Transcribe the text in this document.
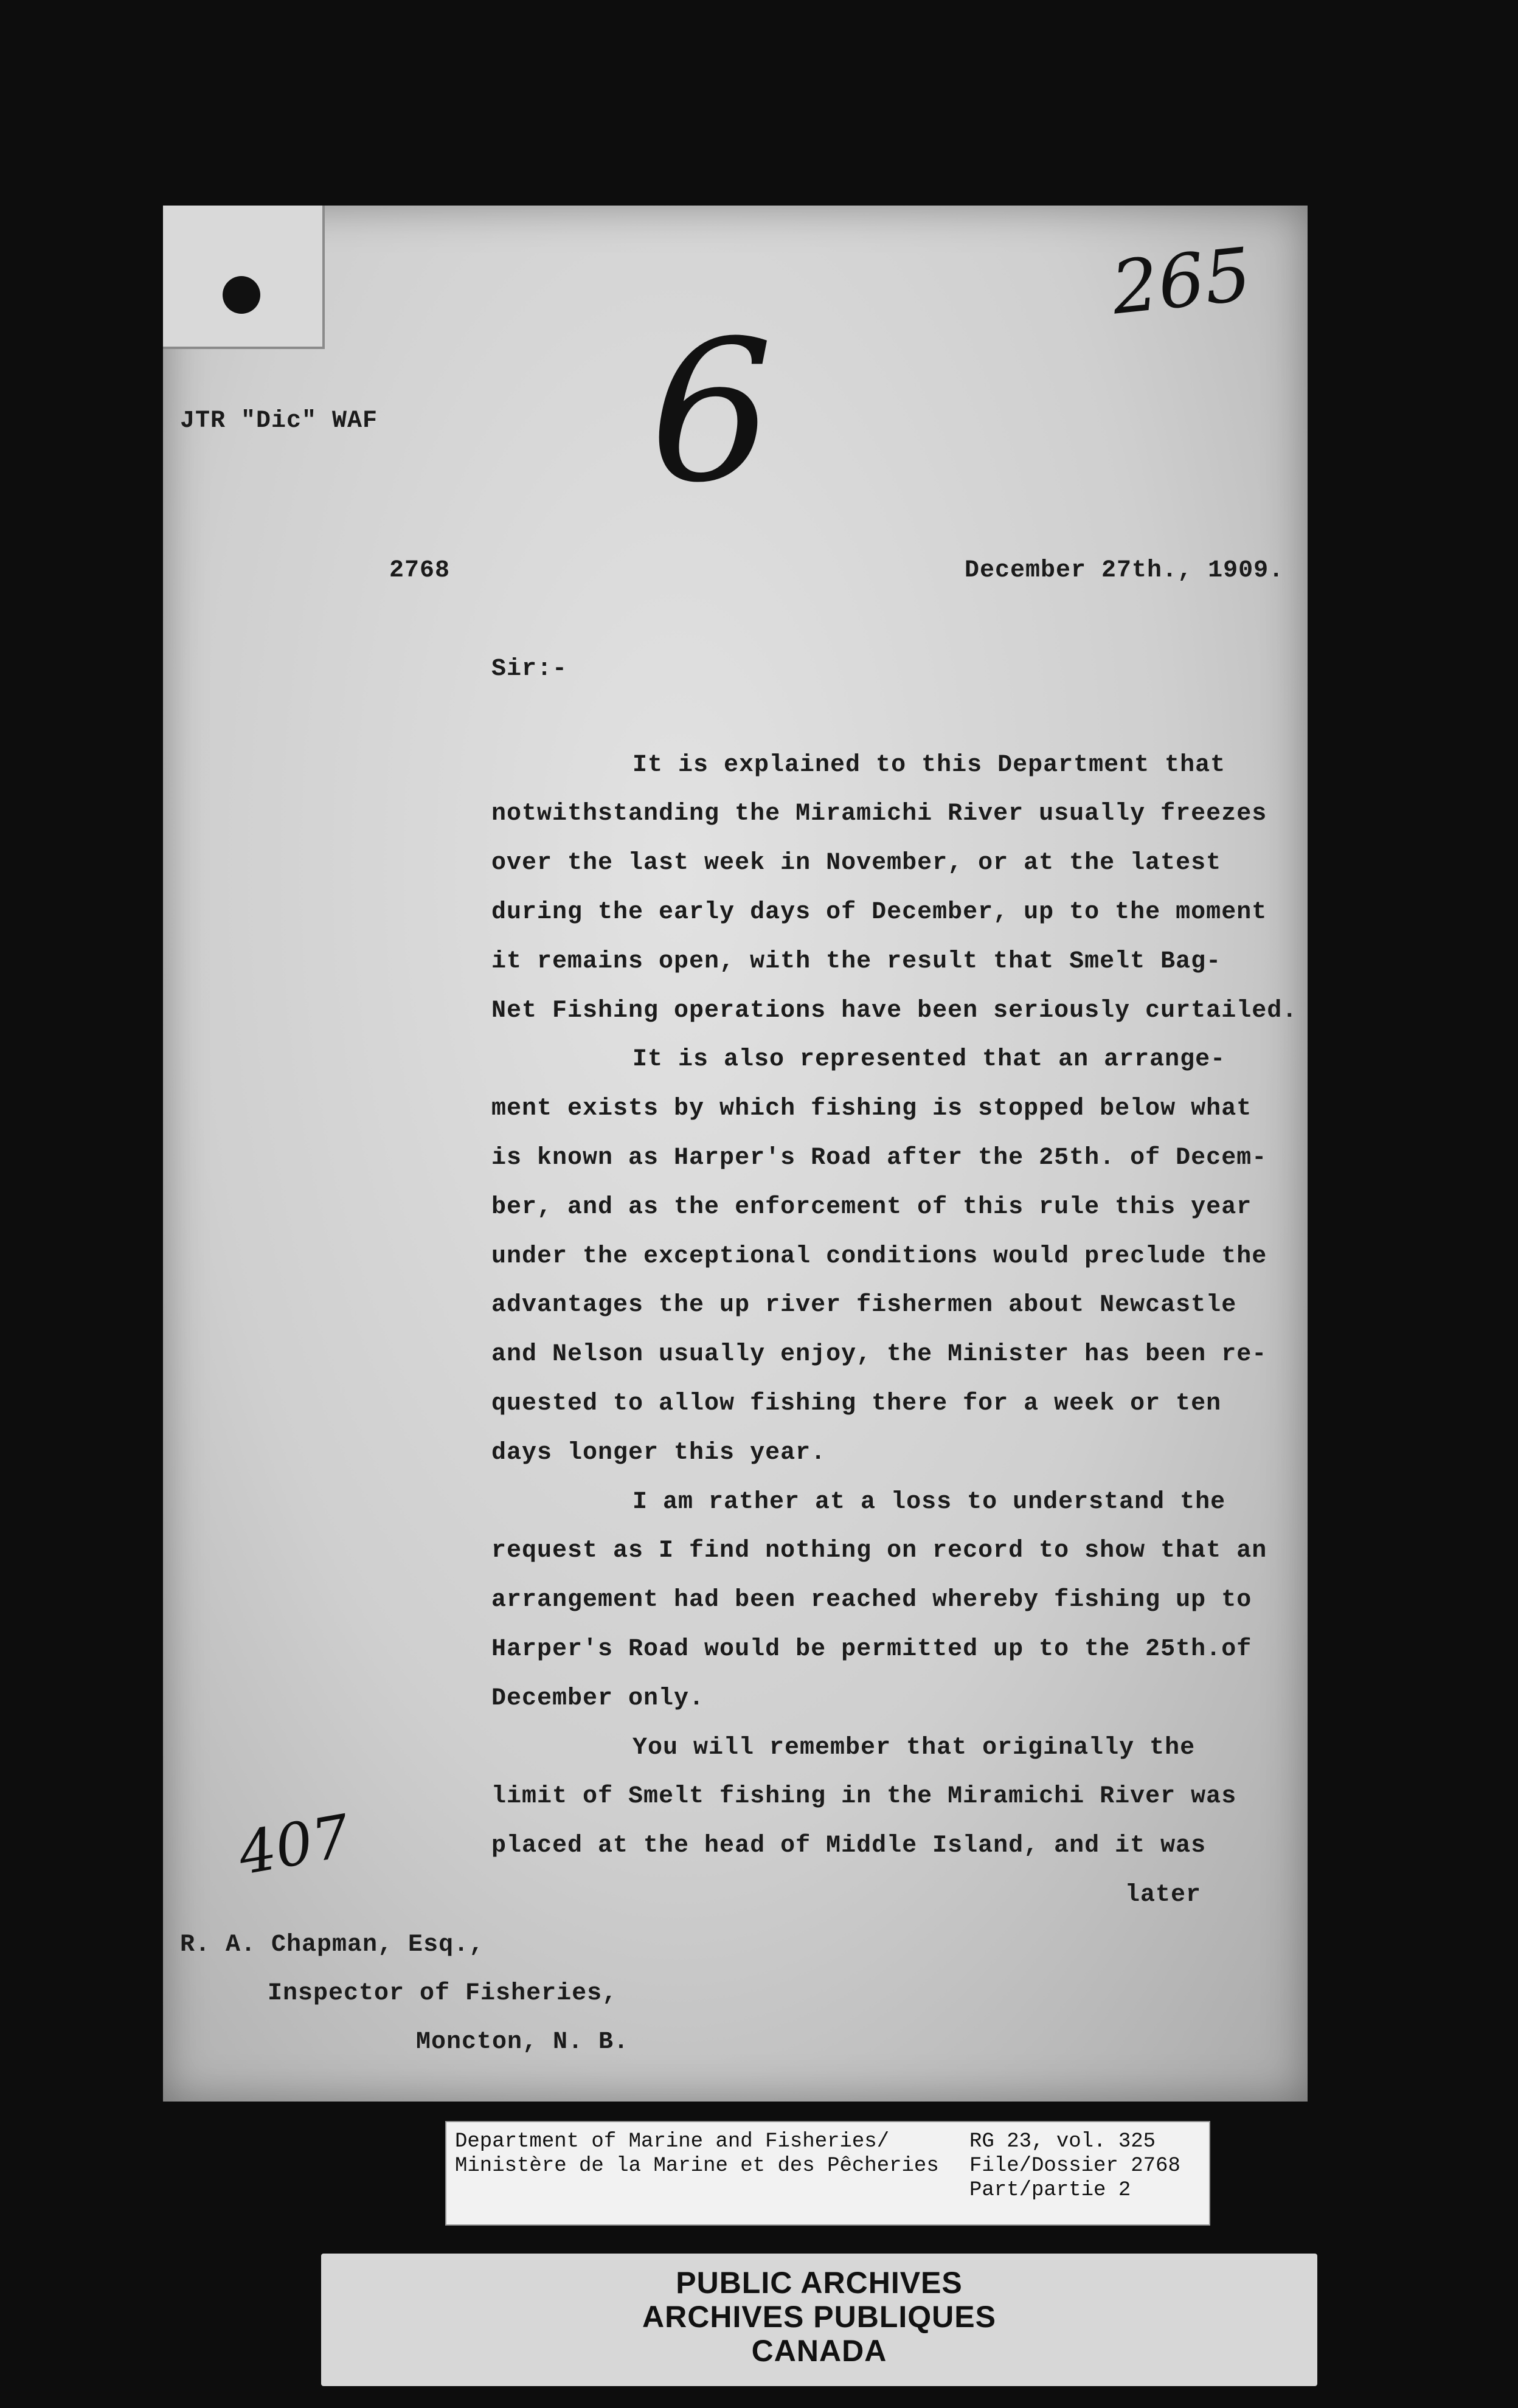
265
6
JTR "Dic" WAF
2768	December 27th., 1909.
Sir:-
It is explained to this Department that
notwithstanding the Miramichi River usually freezes
over the last week in November, or at the latest
during the early days of December, up to the moment
it remains open, with the result that Smelt Bag-
Net Fishing operations have been seriously curtailed.
It is also represented that an arrange-
ment exists by which fishing is stopped below what
is known as Harper's Road after the 25th. of Decem-
ber, and as the enforcement of this rule this year
under the exceptional conditions would preclude the
advantages the up river fishermen about Newcastle
and Nelson usually enjoy, the Minister has been re-
quested to allow fishing there for a week or ten
days longer this year.
I am rather at a loss to understand the
request as I find nothing on record to show that an
arrangement had been reached whereby fishing up to
Harper's Road would be permitted up to the 25th.of
December only.
You will remember that originally the
limit of Smelt fishing in the Miramichi River was
placed at the head of Middle Island, and it was
later
407
R. A. Chapman, Esq.,
Inspector of Fisheries,
Moncton, N. B.
Department of Marine and Fisheries/
Ministère de la Marine et des Pêcheries
RG 23, vol. 325
File/Dossier 2768
Part/partie 2
PUBLIC ARCHIVES
ARCHIVES PUBLIQUES
CANADA
